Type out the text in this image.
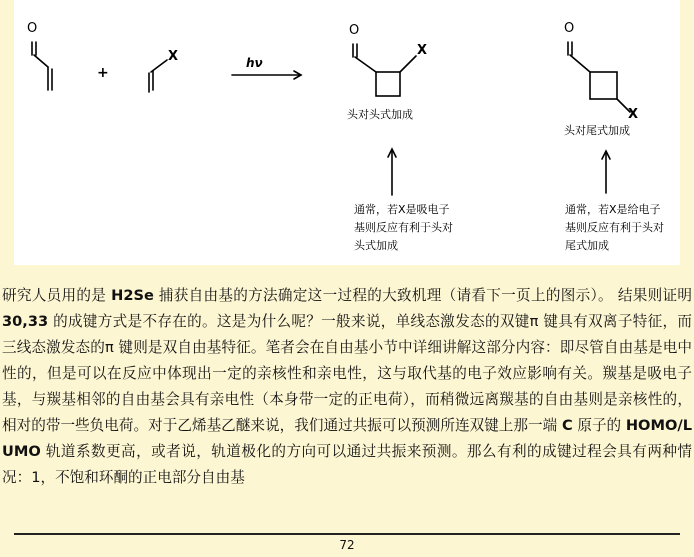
O
+
X	hν
O
X
头对头式加成
O
X
头对尾式加成
通常，若X是吸电子
基则反应有利于头对
头式加成
通常，若X是给电子
基则反应有利于头对
尾式加成
研究人员用的是 H2Se 捕获自由基的方法确定这一过程的大致机理（请看下一页上的图示）。 结果则证明 30,33 的成键方式是不存在的。这是为什么呢？一般来说，单线态激发态的双键π 键具有双离子特征，而三线态激发态的π 键则是双自由基特征。笔者会在自由基小节中详细讲解这部分内容：即尽管自由基是电中性的，但是可以在反应中体现出一定的亲核性和亲电性，这与取代基的电子效应影响有关。羰基是吸电子基，与羰基相邻的自由基会具有亲电性（本身带一定的正电荷），而稍微远离羰基的自由基则是亲核性的，相对的带一些负电荷。对于乙烯基乙醚来说，我们通过共振可以预测所连双键上那一端 C 原子的 HOMO/LUMO 轨道系数更高，或者说，轨道极化的方向可以通过共振来预测。那么有利的成键过程会具有两种情况：1，不饱和环酮的正电部分自由基
72
